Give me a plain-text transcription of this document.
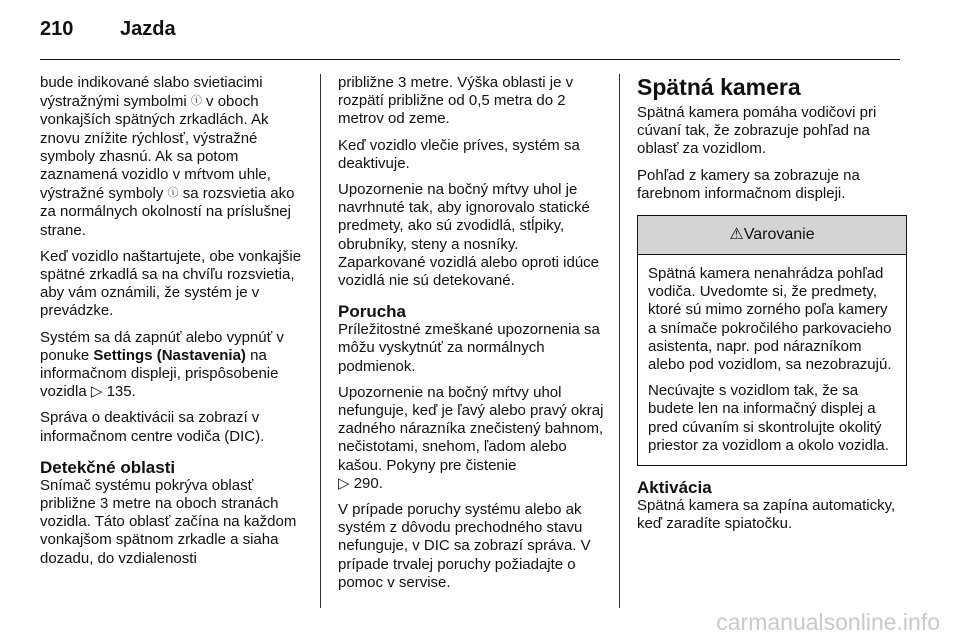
210	Jazda

bude indikované slabo svietiacimi výstražnými symbolmi ⓘ v oboch vonkajších spätných zrkadlách. Ak znovu znížite rýchlosť, výstražné symboly zhasnú. Ak sa potom zaznamená vozidlo v mŕtvom uhle, výstražné symboly ⓘ sa rozsvietia ako za normálnych okolností na príslušnej strane.

Keď vozidlo naštartujete, obe vonkajšie spätné zrkadlá sa na chvíľu rozsvietia, aby vám oznámili, že systém je v prevádzke.

Systém sa dá zapnúť alebo vypnúť v ponuke Settings (Nastavenia) na informačnom displeji, prispôsobenie vozidla ▷ 135.

Správa o deaktivácii sa zobrazí v informačnom centre vodiča (DIC).

Detekčné oblasti

Snímač systému pokrýva oblasť približne 3 metre na oboch stranách vozidla. Táto oblasť začína na každom vonkajšom spätnom zrkadle a siaha dozadu, do vzdialenosti

približne 3 metre. Výška oblasti je v rozpätí približne od 0,5 metra do 2 metrov od zeme.

Keď vozidlo vlečie príves, systém sa deaktivuje.

Upozornenie na bočný mŕtvy uhol je navrhnuté tak, aby ignorovalo statické predmety, ako sú zvodidlá, stĺpiky, obrubníky, steny a nosníky. Zaparkované vozidlá alebo oproti idúce vozidlá nie sú detekované.

Porucha

Príležitostné zmeškané upozornenia sa môžu vyskytnúť za normálnych podmienok.

Upozornenie na bočný mŕtvy uhol nefunguje, keď je ľavý alebo pravý okraj zadného nárazníka znečistený bahnom, nečistotami, snehom, ľadom alebo kašou. Pokyny pre čistenie
▷ 290.

V prípade poruchy systému alebo ak systém z dôvodu prechodného stavu nefunguje, v DIC sa zobrazí správa. V prípade trvalej poruchy požiadajte o pomoc v servise.

Spätná kamera

Spätná kamera pomáha vodičovi pri cúvaní tak, že zobrazuje pohľad na oblasť za vozidlom.

Pohľad z kamery sa zobrazuje na farebnom informačnom displeji.

⚠ Varovanie

Spätná kamera nenahrádza pohľad vodiča. Uvedomte si, že predmety, ktoré sú mimo zorného poľa kamery a snímače pokročilého parkovacieho asistenta, napr. pod nárazníkom alebo pod vozidlom, sa nezobrazujú.

Necúvajte s vozidlom tak, že sa budete len na informačný displej a pred cúvaním si skontrolujte okolitý priestor za vozidlom a okolo vozidla.

Aktivácia

Spätná kamera sa zapína automaticky, keď zaradíte spiatočku.

carmanualsonline.info
